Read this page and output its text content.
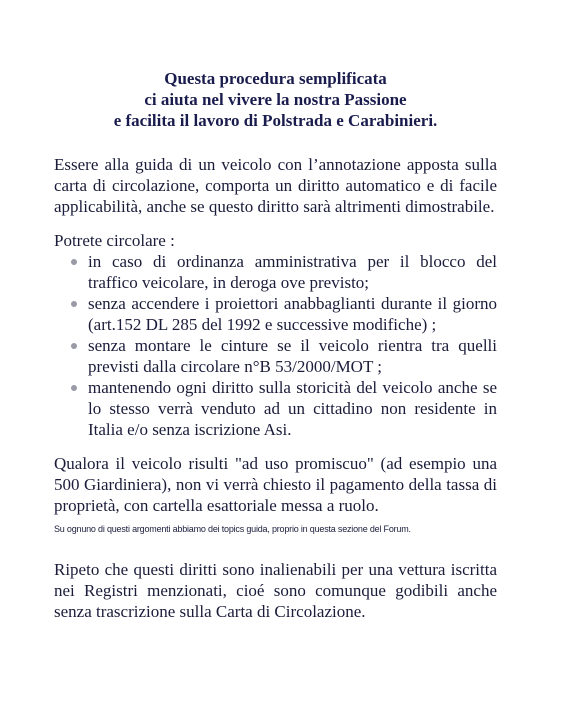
Questa procedura semplificata
ci aiuta nel vivere la nostra Passione
e facilita il lavoro di Polstrada e Carabinieri.

Essere alla guida di un veicolo con l’annotazione apposta sulla carta di circolazione, comporta un diritto automatico e di facile applicabilità, anche se questo diritto sarà altrimenti dimostrabile.

Potrete circolare :

in caso di ordinanza amministrativa per il blocco del traffico veicolare, in deroga ove previsto;
senza accendere i proiettori anabbaglianti durante il giorno (art.152 DL 285 del 1992 e successive modifiche) ;
senza montare le cinture se il veicolo rientra tra quelli previsti dalla circolare n°B 53/2000/MOT ;
mantenendo ogni diritto sulla storicità del veicolo anche se lo stesso verrà venduto ad un cittadino non residente in Italia e/o senza iscrizione Asi.

Qualora il veicolo risulti "ad uso promiscuo" (ad esempio una 500 Giardiniera), non vi verrà chiesto il pagamento della tassa di proprietà, con cartella esattoriale messa a ruolo.

Su ognuno di questi argomenti abbiamo dei topics guida, proprio in questa sezione del Forum.

Ripeto che questi diritti sono inalienabili per una vettura iscritta nei Registri menzionati, cioé sono comunque godibili anche senza trascrizione sulla Carta di Circolazione.
